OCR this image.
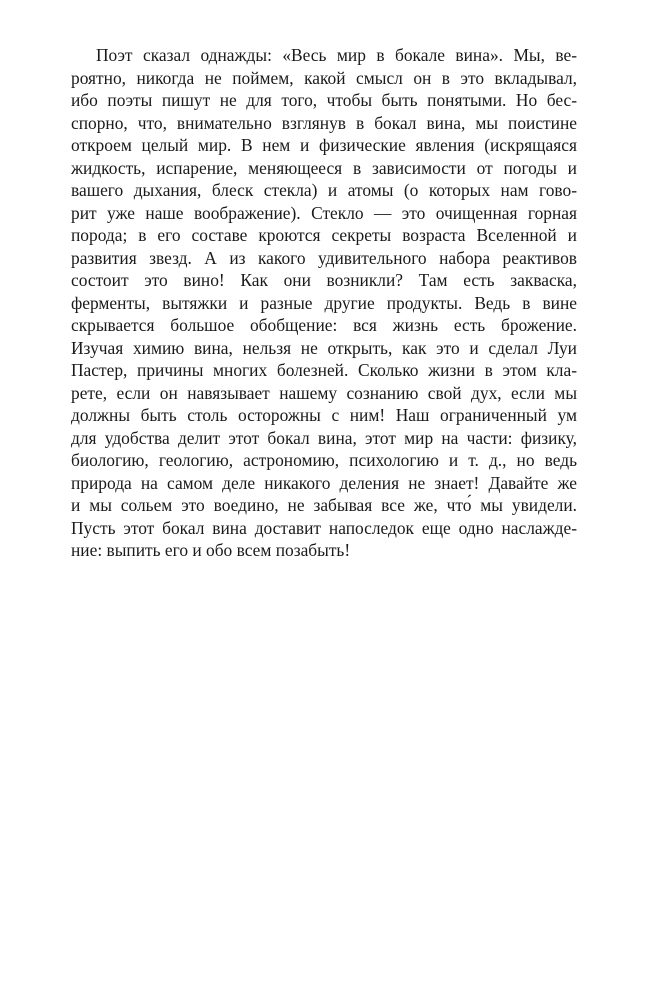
Поэт сказал однажды: «Весь мир в бокале вина». Мы, ве-
роятно, никогда не поймем, какой смысл он в это вкладывал,
ибо поэты пишут не для того, чтобы быть понятыми. Но бес-
спорно, что, внимательно взглянув в бокал вина, мы поистине
откроем целый мир. В нем и физические явления (искрящаяся
жидкость, испарение, меняющееся в зависимости от погоды и
вашего дыхания, блеск стекла) и атомы (о которых нам гово-
рит уже наше воображение). Стекло — это очищенная горная
порода; в его составе кроются секреты возраста Вселенной и
развития звезд. А из какого удивительного набора реактивов
состоит это вино! Как они возникли? Там есть закваска,
ферменты, вытяжки и разные другие продукты. Ведь в вине
скрывается большое обобщение: вся жизнь есть брожение.
Изучая химию вина, нельзя не открыть, как это и сделал Луи
Пастер, причины многих болезней. Сколько жизни в этом кла-
рете, если он навязывает нашему сознанию свой дух, если мы
должны быть столь осторожны с ним! Наш ограниченный ум
для удобства делит этот бокал вина, этот мир на части: физику,
биологию, геологию, астрономию, психологию и т. д., но ведь
природа на самом деле никакого деления не знает! Давайте же
и мы сольем это воедино, не забывая все же, что́ мы увидели.
Пусть этот бокал вина доставит напоследок еще одно наслажде-
ние: выпить его и обо всем позабыть!
